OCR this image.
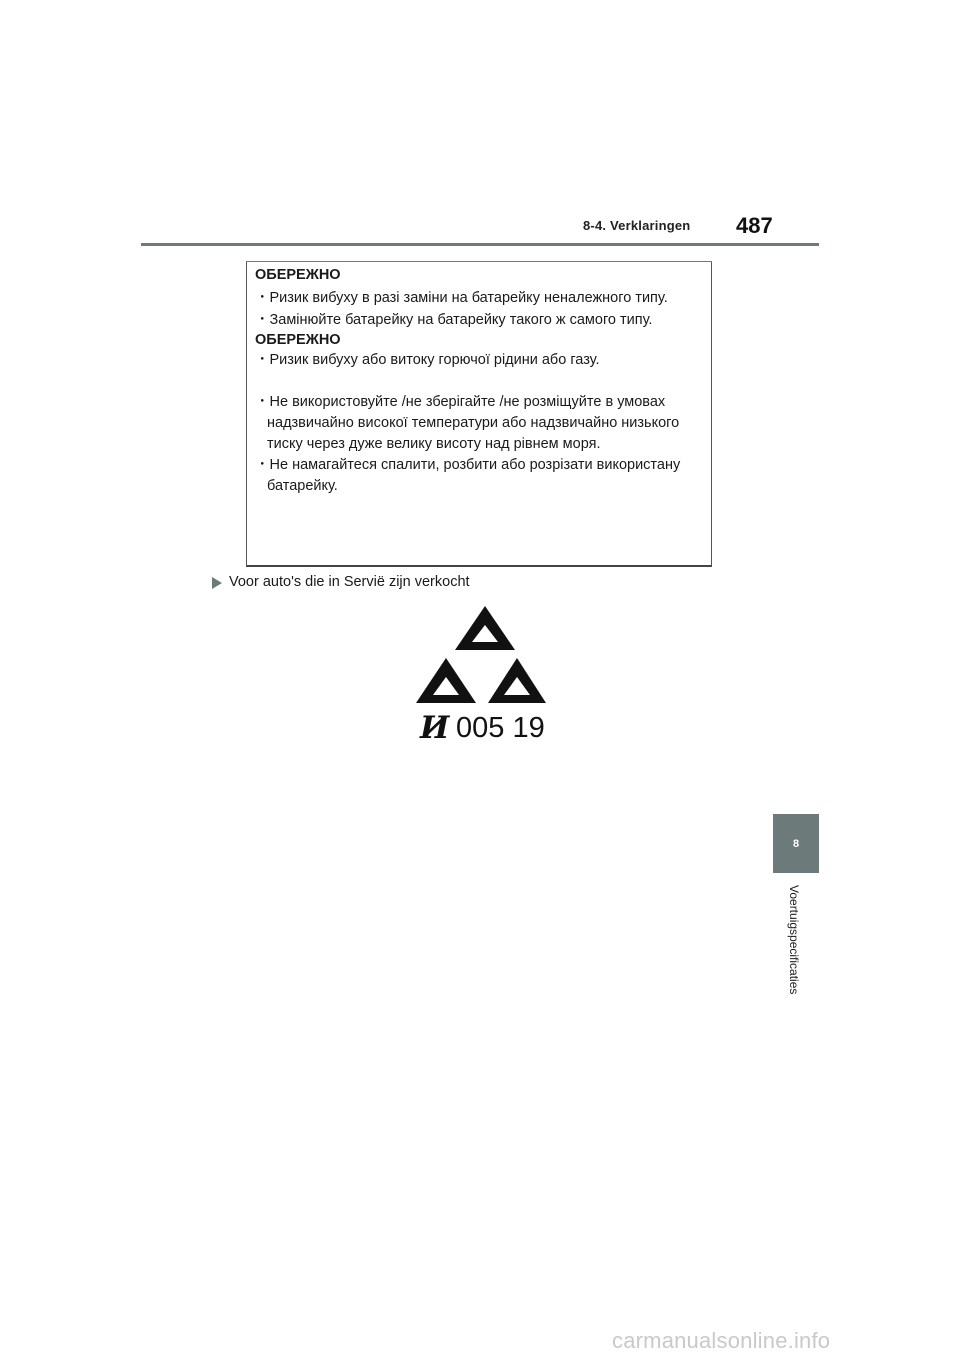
8-4. Verklaringen 487
ОБЕРЕЖНО
・Ризик вибуху в разі заміни на батарейку неналежного типу.
・Замінюйте батарейку на батарейку такого ж самого типу.
ОБЕРЕЖНО
・Ризик вибуху або витоку горючої рідини або газу.
・Не використовуйте /не зберігайте /не розміщуйте в умовах
надзвичайно високої температури або надзвичайно низького
тиску через дуже велику висоту над рівнем моря.
・Не намагайтеся спалити, розбити або розрізати використану
батарейку.
Voor auto's die in Servië zijn verkocht
И 005 19
8
Voertuigspecificaties
carmanualsonline.info
